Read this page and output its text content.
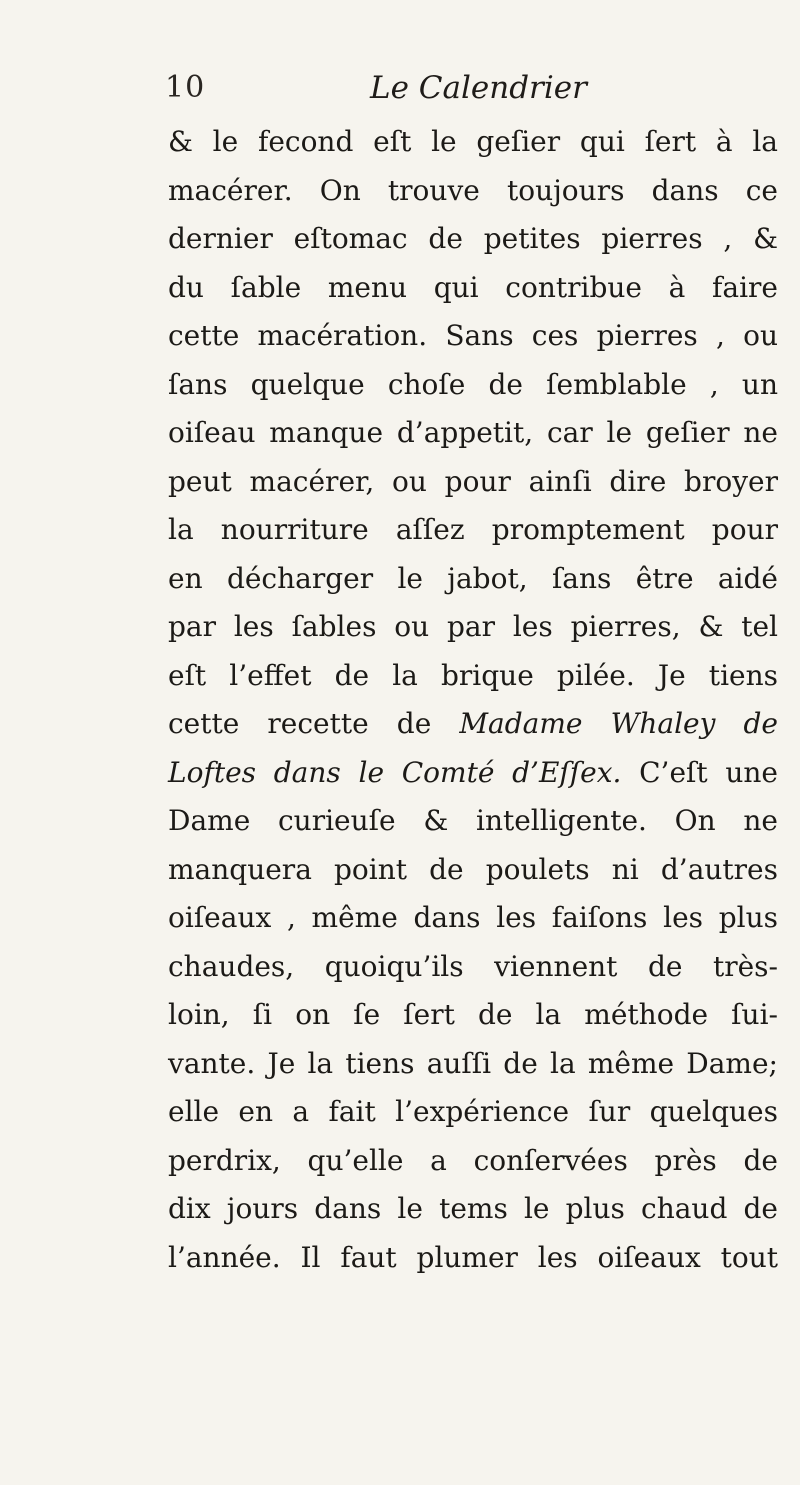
10	Le Calendrier
& le fecond eſt le geſier qui ſert à la
macérer. On trouve toujours dans ce
dernier eſtomac de petites pierres , &
du ſable menu qui contribue à faire
cette macération. Sans ces pierres , ou
ſans quelque choſe de ſemblable , un
oiſeau manque d’appetit, car le geſier ne
peut macérer, ou pour ainſi dire broyer
la nourriture aſſez promptement pour
en décharger le jabot, ſans être aidé
par les ſables ou par les pierres, & tel
eſt l’effet de la brique pilée. Je tiens
cette recette de Madame Whaley de
Loftes dans le Comté d’Eſſex. C’eſt une
Dame curieuſe & intelligente. On ne
manquera point de poulets ni d’autres
oiſeaux , même dans les faiſons les plus
chaudes, quoiqu’ils viennent de très-
loin, ſi on ſe ſert de la méthode ſui-
vante. Je la tiens auſſi de la même Dame;
elle en a fait l’expérience ſur quelques
perdrix, qu’elle a conſervées près de
dix jours dans le tems le plus chaud de
l’année. Il faut plumer les oiſeaux tout
